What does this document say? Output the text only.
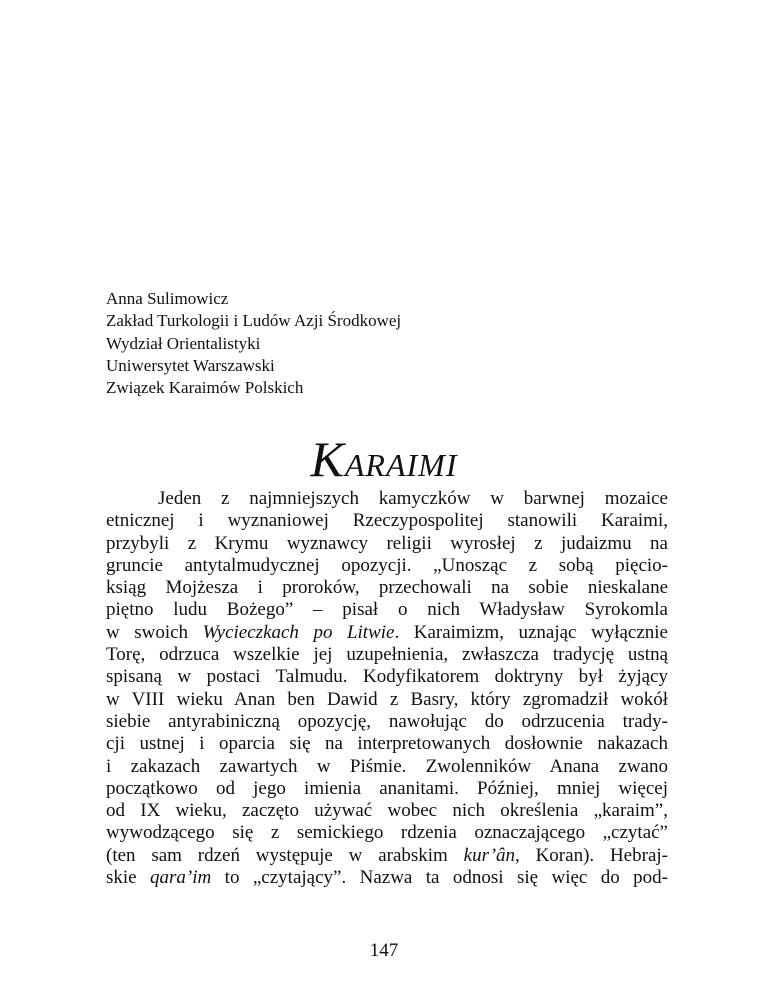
Anna Sulimowicz
Zakład Turkologii i Ludów Azji Środkowej
Wydział Orientalistyki
Uniwersytet Warszawski
Związek Karaimów Polskich
KARAIMI
Jeden z najmniejszych kamyczków w barwnej mozaice
etnicznej i wyznaniowej Rzeczypospolitej stanowili Karaimi,
przybyli z Krymu wyznawcy religii wyrosłej z judaizmu na
gruncie antytalmudycznej opozycji. „Unosząc z sobą pięcio-
ksiąg Mojżesza i proroków, przechowali na sobie nieskalane
piętno ludu Bożego” – pisał o nich Władysław Syrokomla
w swoich Wycieczkach po Litwie. Karaimizm, uznając wyłącznie
Torę, odrzuca wszelkie jej uzupełnienia, zwłaszcza tradycję ustną
spisaną w postaci Talmudu. Kodyfikatorem doktryny był żyjący
w VIII wieku Anan ben Dawid z Basry, który zgromadził wokół
siebie antyrabiniczną opozycję, nawołując do odrzucenia trady-
cji ustnej i oparcia się na interpretowanych dosłownie nakazach
i zakazach zawartych w Piśmie. Zwolenników Anana zwano
początkowo od jego imienia ananitami. Później, mniej więcej
od IX wieku, zaczęto używać wobec nich określenia „karaim”,
wywodzącego się z semickiego rdzenia oznaczającego „czytać”
(ten sam rdzeń występuje w arabskim kur’ân, Koran). Hebraj-
skie qara’im to „czytający”. Nazwa ta odnosi się więc do pod-
147
